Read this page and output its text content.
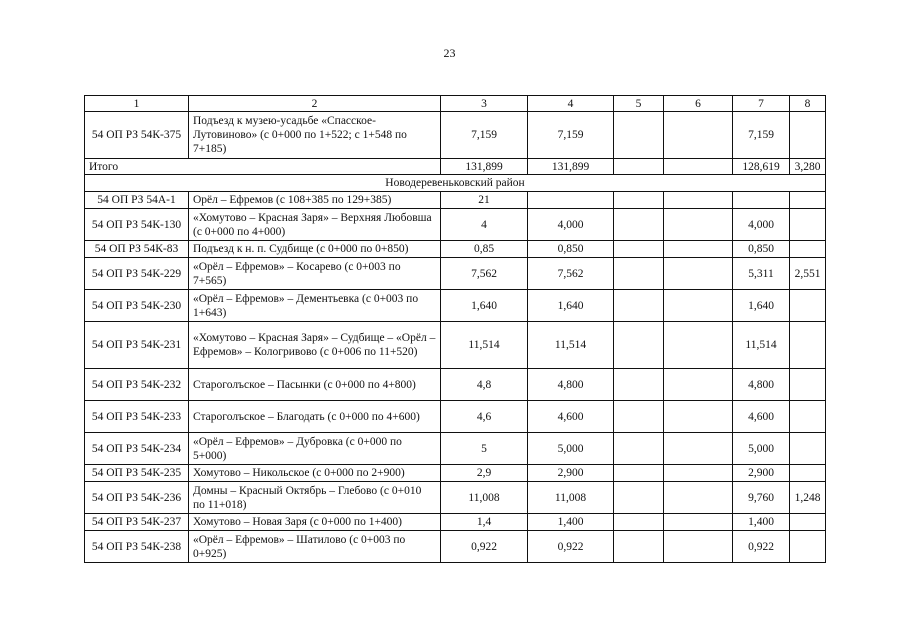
23
1	2	3	4	5	6	7	8
54 ОП РЗ 54К-375	Подъезд к музею-усадьбе «Спасское-Лутовиново» (с 0+000 по 1+522; с 1+548 по 7+185)	7,159	7,159			7,159	
Итого		131,899	131,899			128,619	3,280
Новодеревеньковский район							
54 ОП РЗ 54А-1	Орёл – Ефремов (с 108+385 по 129+385)	21					
54 ОП РЗ 54К-130	«Хомутово – Красная Заря» – Верхняя Любовша (с 0+000 по 4+000)	4	4,000			4,000	
54 ОП РЗ 54К-83	Подъезд к н. п. Судбище (с 0+000 по 0+850)	0,85	0,850			0,850	
54 ОП РЗ 54К-229	«Орёл – Ефремов» – Косарево (с 0+003 по 7+565)	7,562	7,562			5,311	2,551
54 ОП РЗ 54К-230	«Орёл – Ефремов» – Дементьевка (с 0+003 по 1+643)	1,640	1,640			1,640	
54 ОП РЗ 54К-231	«Хомутово – Красная Заря» – Судбище – «Орёл – Ефремов» – Кологривово (с 0+006 по 11+520)	11,514	11,514			11,514	
54 ОП РЗ 54К-232	Староголъское – Пасынки (с 0+000 по 4+800)	4,8	4,800			4,800	
54 ОП РЗ 54К-233	Староголъское – Благодать (с 0+000 по 4+600)	4,6	4,600			4,600	
54 ОП РЗ 54К-234	«Орёл – Ефремов» – Дубровка (с 0+000 по 5+000)	5	5,000			5,000	
54 ОП РЗ 54К-235	Хомутово – Никольское (с 0+000 по 2+900)	2,9	2,900			2,900	
54 ОП РЗ 54К-236	Домны – Красный Октябрь – Глебово (с 0+010 по 11+018)	11,008	11,008			9,760	1,248
54 ОП РЗ 54К-237	Хомутово – Новая Заря (с 0+000 по 1+400)	1,4	1,400			1,400	
54 ОП РЗ 54К-238	«Орёл – Ефремов» – Шатилово (с 0+003 по 0+925)	0,922	0,922			0,922	
